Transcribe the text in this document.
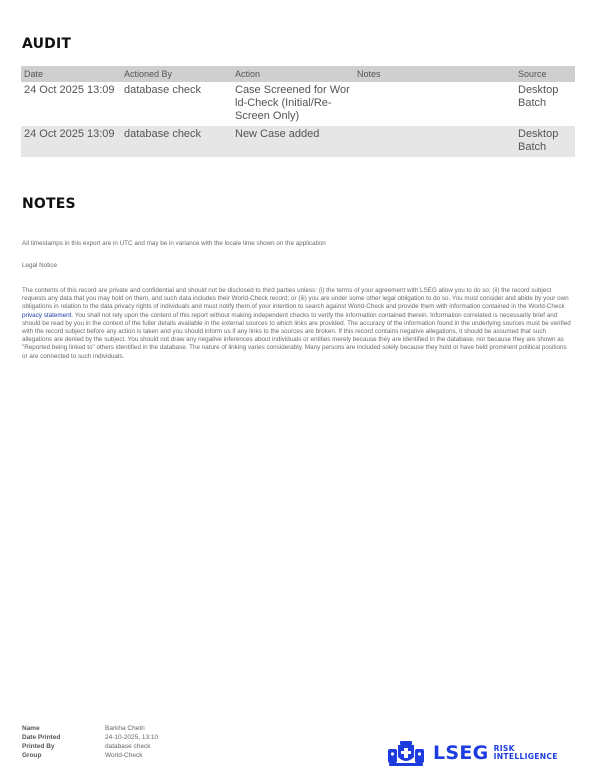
AUDIT
Date	Actioned By	Action	Notes	Source
24 Oct 2025 13:09	database check	Case Screened for Wor ld-Check (Initial/Re-Screen Only)		Desktop Batch
24 Oct 2025 13:09	database check	New Case added		Desktop Batch
NOTES

All timestamps in this export are in UTC and may be in variance with the locale time shown on the application

Legal Notice

The contents of this record are private and confidential and should not be disclosed to third parties unless: (i) the terms of your agreement with LSEG allow you to do so; (ii) the record subject requests any data that you may hold on them, and such data includes their World-Check record; or (iii) you are under some other legal obligation to do so. You must consider and abide by your own obligations in relation to the data privacy rights of individuals and must notify them of your intention to search against World-Check and provide them with information contained in the World-Check privacy statement. You shall not rely upon the content of this report without making independent checks to verify the information contained therein. Information correlated is necessarily brief and should be read by you in the context of the fuller details available in the external sources to which links are provided. The accuracy of the information found in the underlying sources must be verified with the record subject before any action is taken and you should inform us if any links to the sources are broken. If this record contains negative allegations, it should be assumed that such allegations are denied by the subject. You should not draw any negative inferences about individuals or entities merely because they are identified in the database, nor because they are shown as "Reported being linked to" others identified in the database. The nature of linking varies considerably. Many persons are included solely because they hold or have held prominent political positions or are connected to such individuals.

Name	Barkha Chetri
Date Printed	24-10-2025, 13:10
Printed By	database check
Group	World-Check	LSEG RISK
INTELLIGENCE
